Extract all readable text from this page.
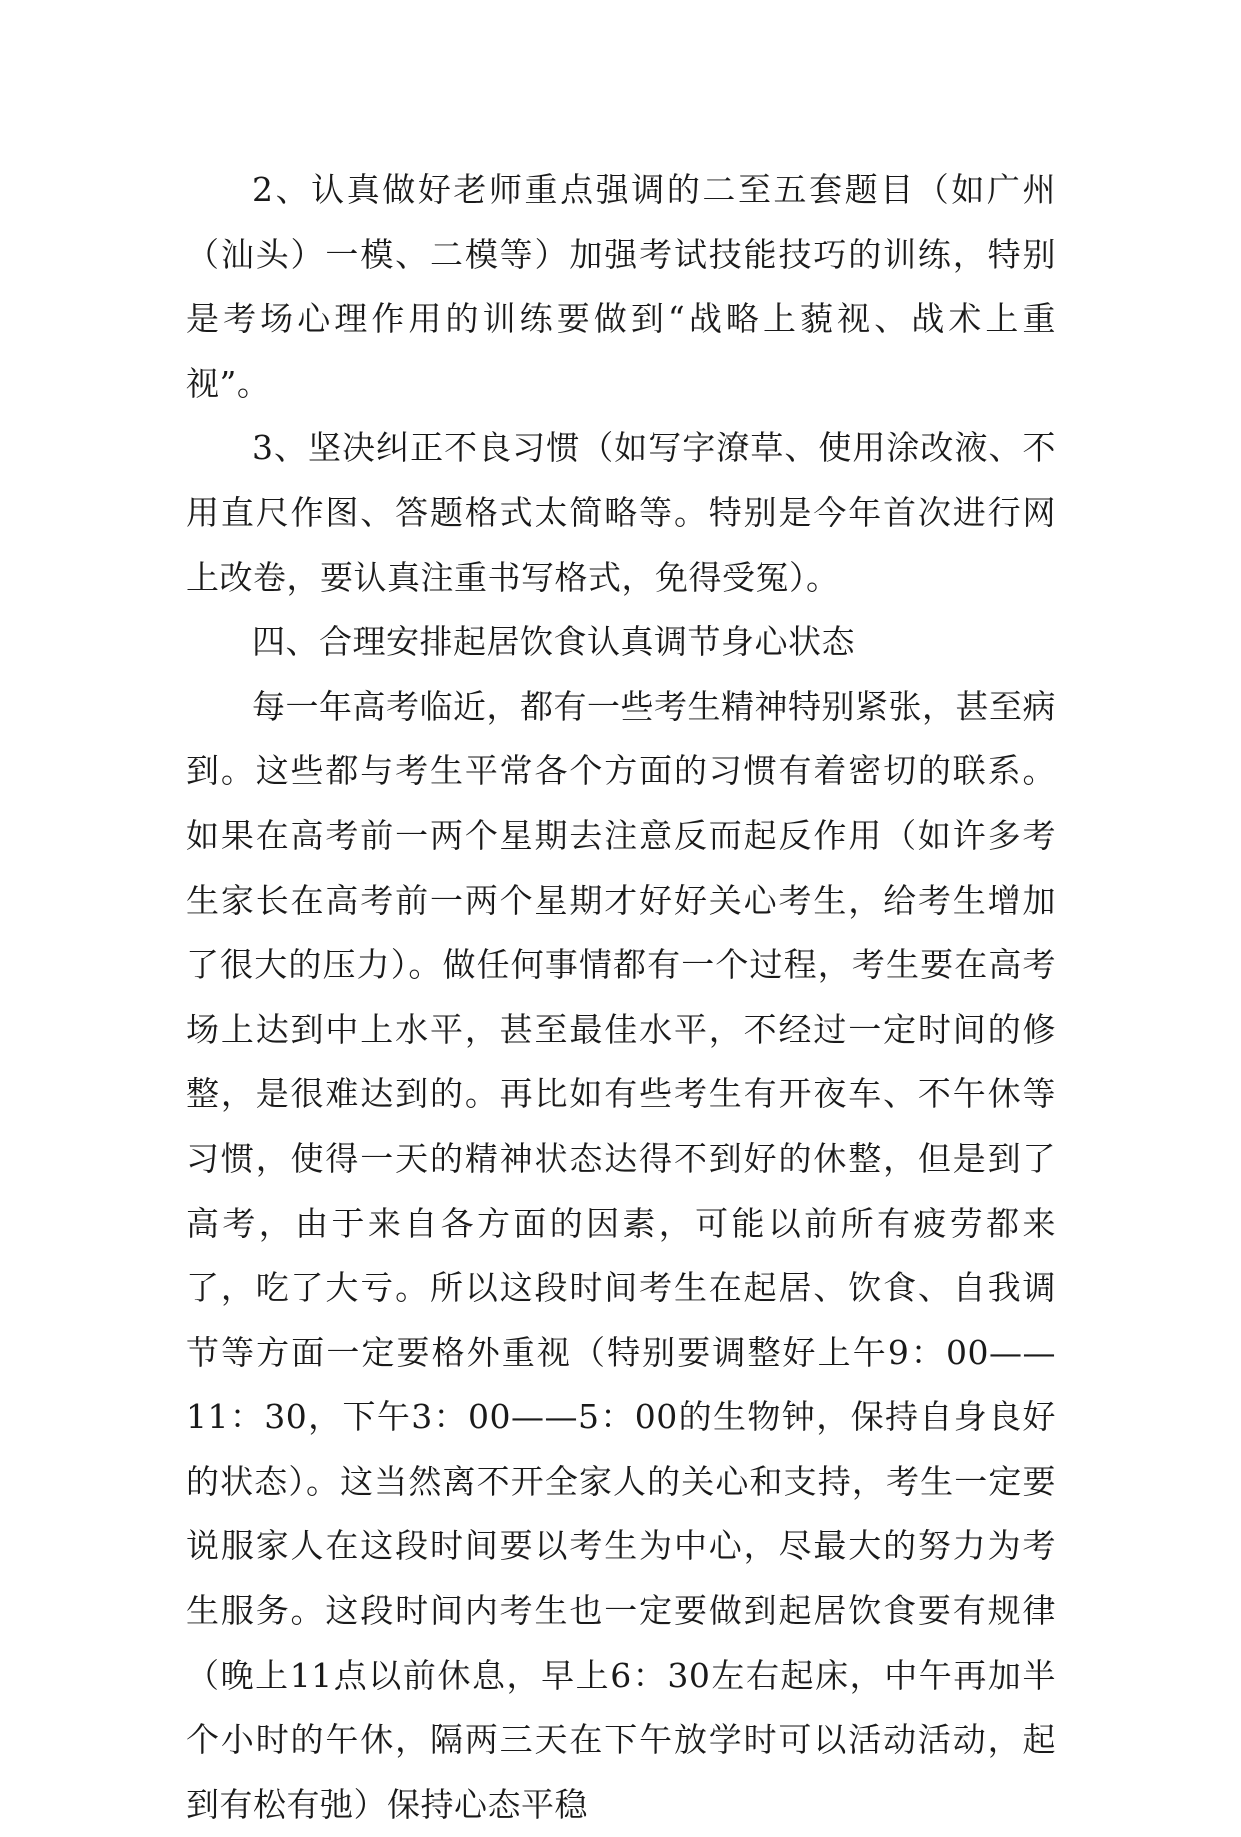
2、认真做好老师重点强调的二至五套题目（如广州（汕头）一模、二模等）加强考试技能技巧的训练，特别是考场心理作用的训练要做到“战略上藐视、战术上重视”。

3、坚决纠正不良习惯（如写字潦草、使用涂改液、不用直尺作图、答题格式太简略等。特别是今年首次进行网上改卷，要认真注重书写格式，免得受冤）。

四、合理安排起居饮食认真调节身心状态

每一年高考临近，都有一些考生精神特别紧张，甚至病到。这些都与考生平常各个方面的习惯有着密切的联系。如果在高考前一两个星期去注意反而起反作用（如许多考生家长在高考前一两个星期才好好关心考生，给考生增加了很大的压力）。做任何事情都有一个过程，考生要在高考场上达到中上水平，甚至最佳水平，不经过一定时间的修整，是很难达到的。再比如有些考生有开夜车、不午休等习惯，使得一天的精神状态达得不到好的休整，但是到了高考，由于来自各方面的因素，可能以前所有疲劳都来了，吃了大亏。所以这段时间考生在起居、饮食、自我调节等方面一定要格外重视（特别要调整好上午9：00——11：30，下午3：00——5：00的生物钟，保持自身良好的状态）。这当然离不开全家人的关心和支持，考生一定要说服家人在这段时间要以考生为中心，尽最大的努力为考生服务。这段时间内考生也一定要做到起居饮食要有规律（晚上11点以前休息，早上6：30左右起床，中午再加半个小时的午休，隔两三天在下午放学时可以活动活动，起到有松有弛）保持心态平稳
